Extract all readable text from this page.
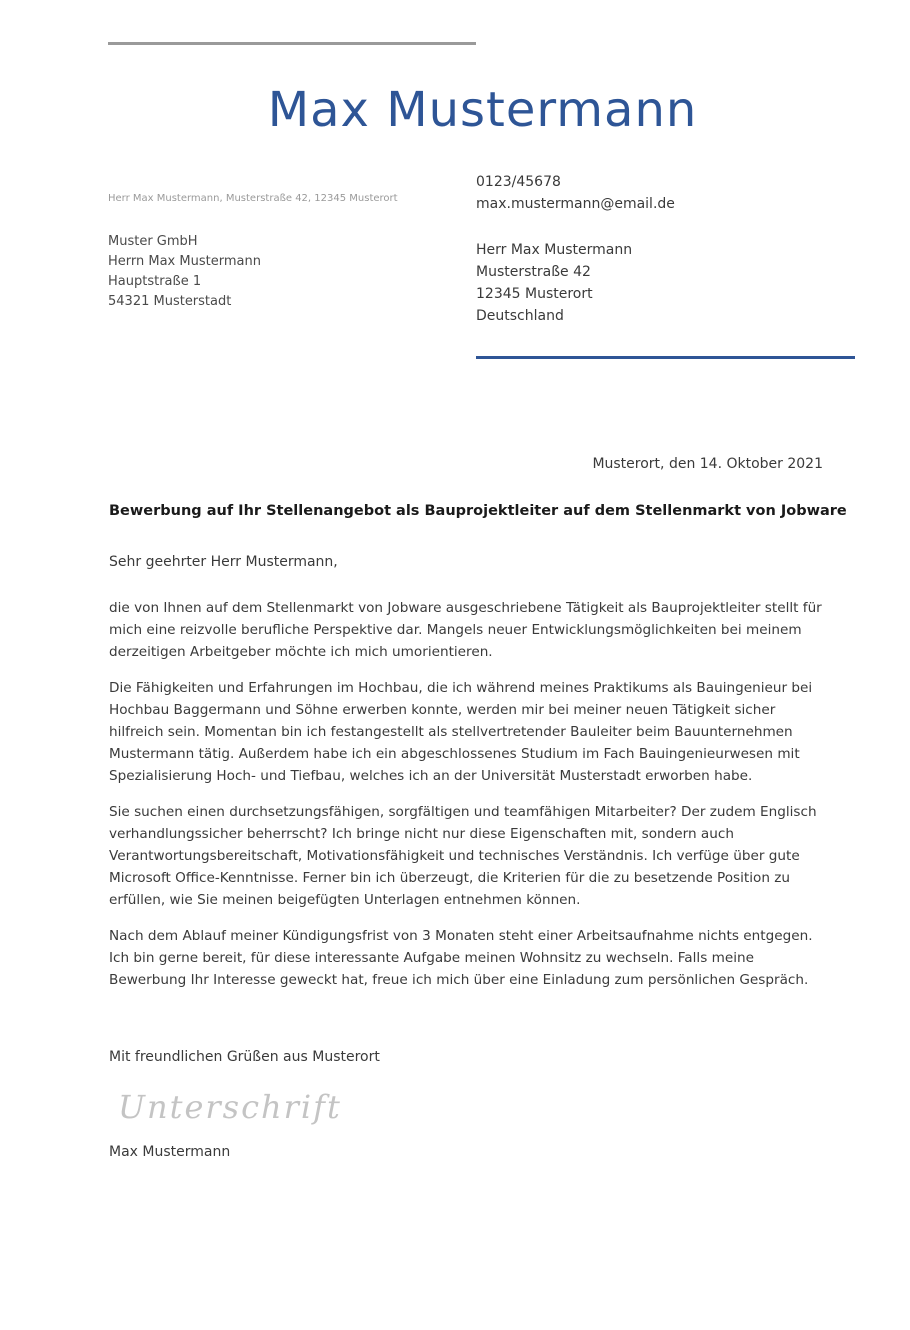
Max Mustermann
Herr Max Mustermann, Musterstraße 42, 12345 Musterort
Muster GmbH
Herrn Max Mustermann
Hauptstraße 1
54321 Musterstadt
0123/45678
max.mustermann@email.de
Herr Max Mustermann
Musterstraße 42
12345 Musterort
Deutschland
Musterort, den 14. Oktober 2021
Bewerbung auf Ihr Stellenangebot als Bauprojektleiter auf dem Stellenmarkt von Jobware
Sehr geehrter Herr Mustermann,

die von Ihnen auf dem Stellenmarkt von Jobware ausgeschriebene Tätigkeit als Bauprojektleiter stellt für mich eine reizvolle berufliche Perspektive dar. Mangels neuer Entwicklungsmöglichkeiten bei meinem derzeitigen Arbeitgeber möchte ich mich umorientieren.

Die Fähigkeiten und Erfahrungen im Hochbau, die ich während meines Praktikums als Bauingenieur bei Hochbau Baggermann und Söhne erwerben konnte, werden mir bei meiner neuen Tätigkeit sicher hilfreich sein. Momentan bin ich festangestellt als stellvertretender Bauleiter beim Bauunternehmen Mustermann tätig. Außerdem habe ich ein abgeschlossenes Studium im Fach Bauingenieurwesen mit Spezialisierung Hoch- und Tiefbau, welches ich an der Universität Musterstadt erworben habe.

Sie suchen einen durchsetzungsfähigen, sorgfältigen und teamfähigen Mitarbeiter? Der zudem Englisch verhandlungssicher beherrscht? Ich bringe nicht nur diese Eigenschaften mit, sondern auch Verantwortungsbereitschaft, Motivationsfähigkeit und technisches Verständnis. Ich verfüge über gute Microsoft Office-Kenntnisse. Ferner bin ich überzeugt, die Kriterien für die zu besetzende Position zu erfüllen, wie Sie meinen beigefügten Unterlagen entnehmen können.

Nach dem Ablauf meiner Kündigungsfrist von 3 Monaten steht einer Arbeitsaufnahme nichts entgegen. Ich bin gerne bereit, für diese interessante Aufgabe meinen Wohnsitz zu wechseln. Falls meine Bewerbung Ihr Interesse geweckt hat, freue ich mich über eine Einladung zum persönlichen Gespräch.

Mit freundlichen Grüßen aus Musterort
Unterschrift
Max Mustermann
